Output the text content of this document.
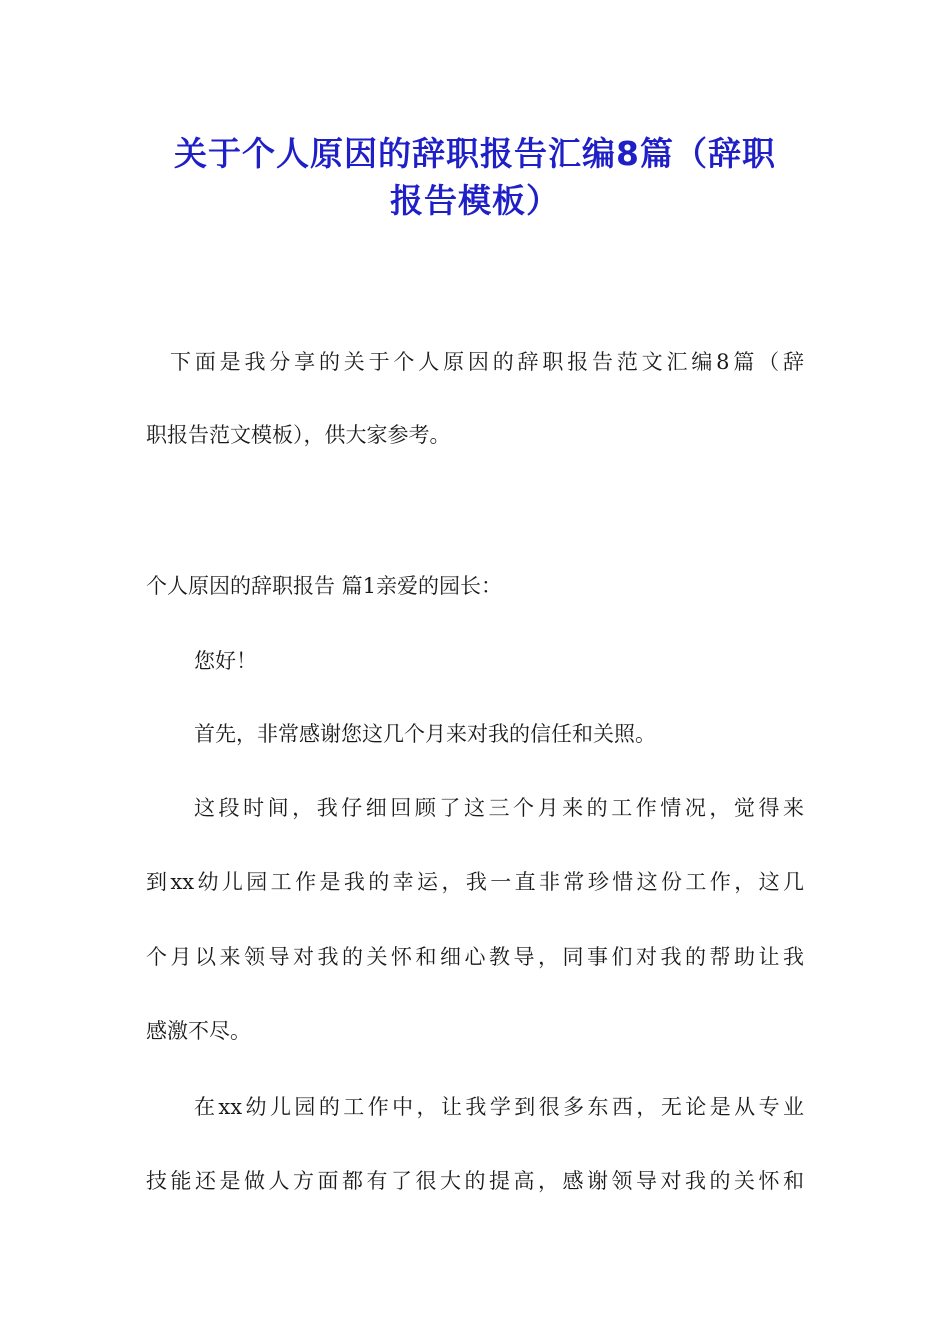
关于个人原因的辞职报告汇编8篇（辞职
报告模板）
下面是我分享的关于个人原因的辞职报告范文汇编8篇（辞
职报告范文模板），供大家参考。
个人原因的辞职报告 篇1亲爱的园长：
您好！
首先，非常感谢您这几个月来对我的信任和关照。
这段时间，我仔细回顾了这三个月来的工作情况，觉得来
到xx幼儿园工作是我的幸运，我一直非常珍惜这份工作，这几
个月以来领导对我的关怀和细心教导，同事们对我的帮助让我
感激不尽。
在xx幼儿园的工作中，让我学到很多东西，无论是从专业
技能还是做人方面都有了很大的提高，感谢领导对我的关怀和
